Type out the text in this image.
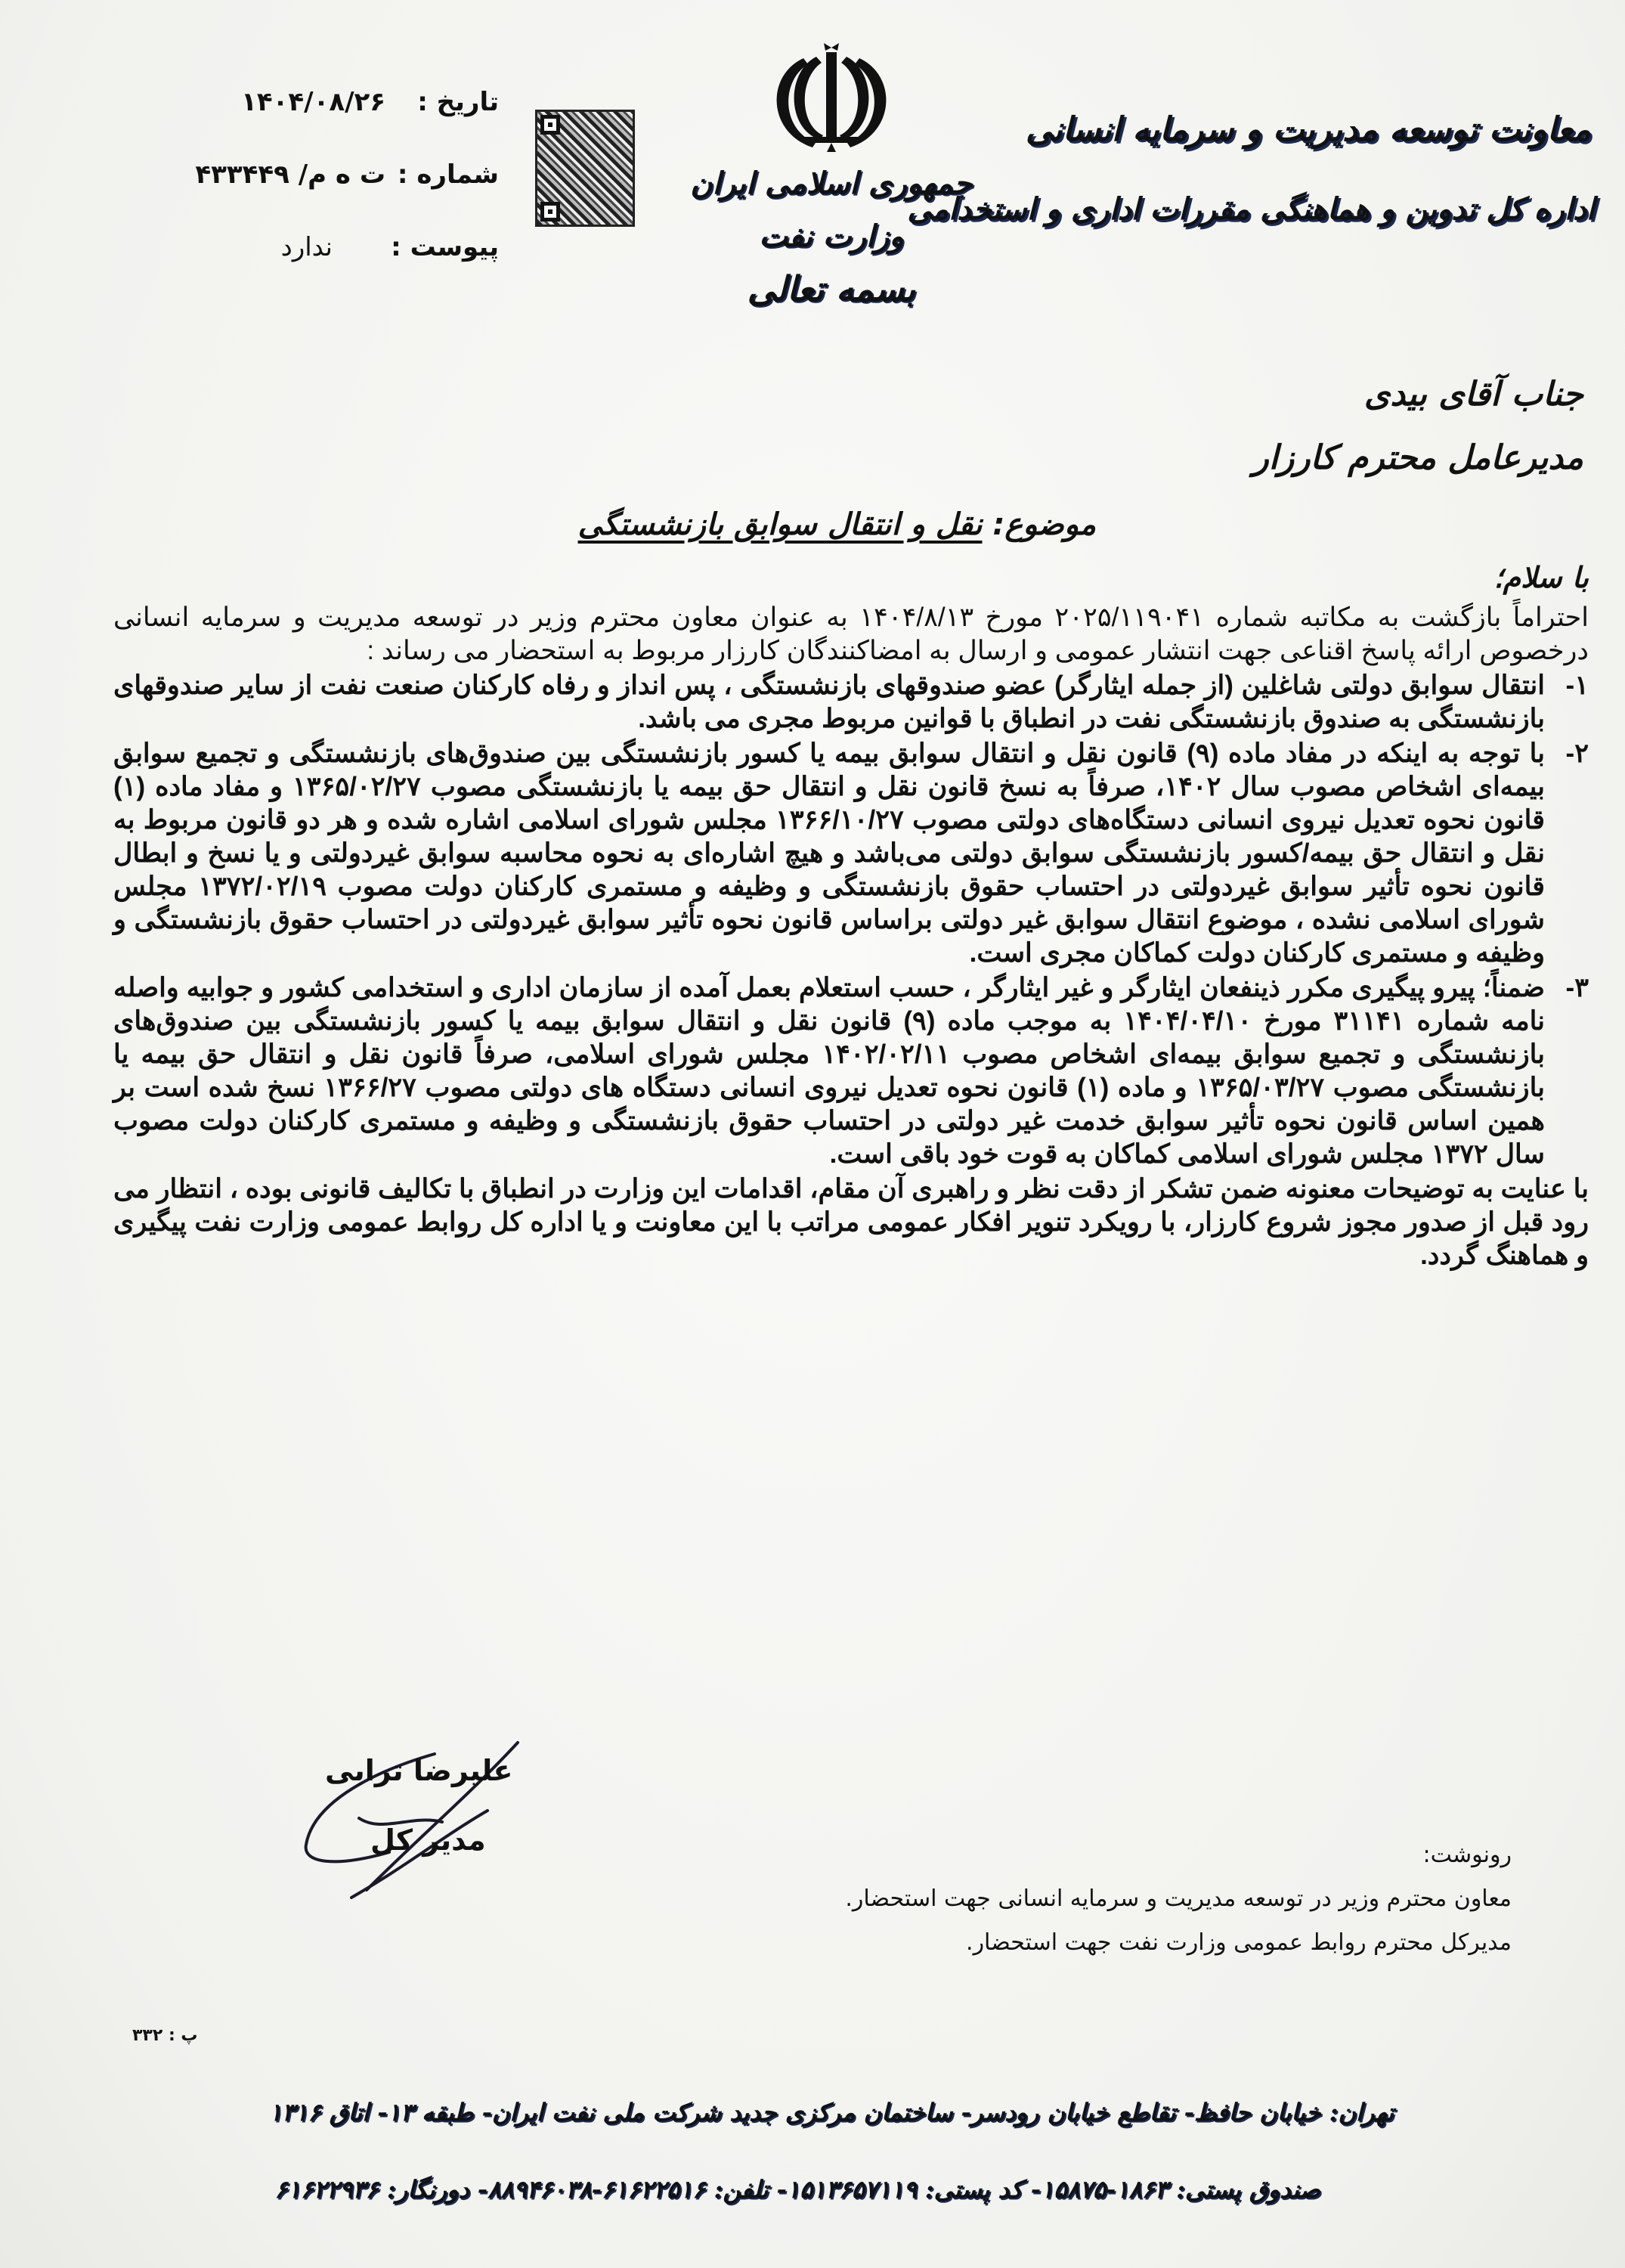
تاریخ :
۱۴۰۴/۰۸/۲۶
شماره :
ت ه م/ ۴۳۳۴۴۹
پیوست :
ندارد
جمهوری اسلامی ایران
وزارت نفت
بسمه تعالی
معاونت توسعه مدیریت و سرمایه انسانی
اداره کل تدوین و هماهنگی مقررات اداری و استخدامی
جناب آقای بیدی
مدیرعامل محترم کارزار
موضوع: نقل و انتقال سوابق بازنشستگی
با سلام؛
احتراماً بازگشت به مکاتبه شماره ۲۰۲۵/۱۱۹۰۴۱ مورخ ۱۴۰۴/۸/۱۳ به عنوان معاون محترم وزیر در توسعه مدیریت و سرمایه انسانی درخصوص ارائه پاسخ اقناعی جهت انتشار عمومی و ارسال به امضاکنندگان کارزار مربوط به استحضار می رساند :
۱-
انتقال سوابق دولتی شاغلین (از جمله ایثارگر) عضو صندوقهای بازنشستگی ، پس انداز و رفاه کارکنان صنعت نفت از سایر صندوقهای بازنشستگی به صندوق بازنشستگی نفت در انطباق با قوانین مربوط مجری می باشد.
۲-
با توجه به اینکه در مفاد ماده (۹) قانون نقل و انتقال سوابق بیمه یا کسور بازنشستگی بین صندوق‌های بازنشستگی و تجمیع سوابق بیمه‌ای اشخاص مصوب سال ۱۴۰۲، صرفاً به نسخ قانون نقل و انتقال حق بیمه یا بازنشستگی مصوب ۱۳۶۵/۰۲/۲۷ و مفاد ماده (۱) قانون نحوه تعدیل نیروی انسانی دستگاه‌های دولتی مصوب ۱۳۶۶/۱۰/۲۷ مجلس شورای اسلامی اشاره شده و هر دو قانون مربوط به نقل و انتقال حق بیمه/کسور بازنشستگی سوابق دولتی می‌باشد و هیچ اشاره‌ای به نحوه محاسبه سوابق غیردولتی و یا نسخ و ابطال قانون نحوه تأثیر سوابق غیردولتی در احتساب حقوق بازنشستگی و وظیفه و مستمری کارکنان دولت مصوب ۱۳۷۲/۰۲/۱۹ مجلس شورای اسلامی نشده ، موضوع انتقال سوابق غیر دولتی براساس قانون نحوه تأثیر سوابق غیردولتی در احتساب حقوق بازنشستگی و وظیفه و مستمری کارکنان دولت کماکان مجری است.
۳-
ضمناً؛ پیرو پیگیری مکرر ذینفعان ایثارگر و غیر ایثارگر ، حسب استعلام بعمل آمده از سازمان اداری و استخدامی کشور و جوابیه واصله نامه شماره ۳۱۱۴۱ مورخ ۱۴۰۴/۰۴/۱۰ به موجب ماده (۹) قانون نقل و انتقال سوابق بیمه یا کسور بازنشستگی بین صندوق‌های بازنشستگی و تجمیع سوابق بیمه‌ای اشخاص مصوب ۱۴۰۲/۰۲/۱۱ مجلس شورای اسلامی، صرفاً قانون نقل و انتقال حق بیمه یا بازنشستگی مصوب ۱۳۶۵/۰۳/۲۷ و ماده (۱) قانون نحوه تعدیل نیروی انسانی دستگاه های دولتی مصوب ۱۳۶۶/۲۷ نسخ شده است بر همین اساس قانون نحوه تأثیر سوابق خدمت غیر دولتی در احتساب حقوق بازنشستگی و وظیفه و مستمری کارکنان دولت مصوب سال ۱۳۷۲ مجلس شورای اسلامی کماکان به قوت خود باقی است.
با عنایت به توضیحات معنونه ضمن تشکر از دقت نظر و راهبری آن مقام، اقدامات این وزارت در انطباق با تکالیف قانونی بوده ، انتظار می رود قبل از صدور مجوز شروع کارزار، با رویکرد تنویر افکار عمومی مراتب با این معاونت و یا اداره کل روابط عمومی وزارت نفت پیگیری و هماهنگ گردد.
علیرضا ترابی
مدیر کل	رونوشت:
معاون محترم وزیر در توسعه مدیریت و سرمایه انسانی جهت استحضار.
مدیرکل محترم روابط عمومی وزارت نفت جهت استحضار.
پ : ۳۳۲
تهران: خیابان حافظ- تقاطع خیابان رودسر- ساختمان مرکزی جدید شرکت ملی نفت ایران- طبقه ۱۳- اتاق ۱۳۱۶
صندوق پستی: ۱۸۶۳-۱۵۸۷۵- کد پستی: ۱۵۱۳۶۵۷۱۱۹- تلفن: ۶۱۶۲۲۵۱۶-۸۸۹۴۶۰۳۸- دورنگار: ۶۱۶۲۲۹۳۶
